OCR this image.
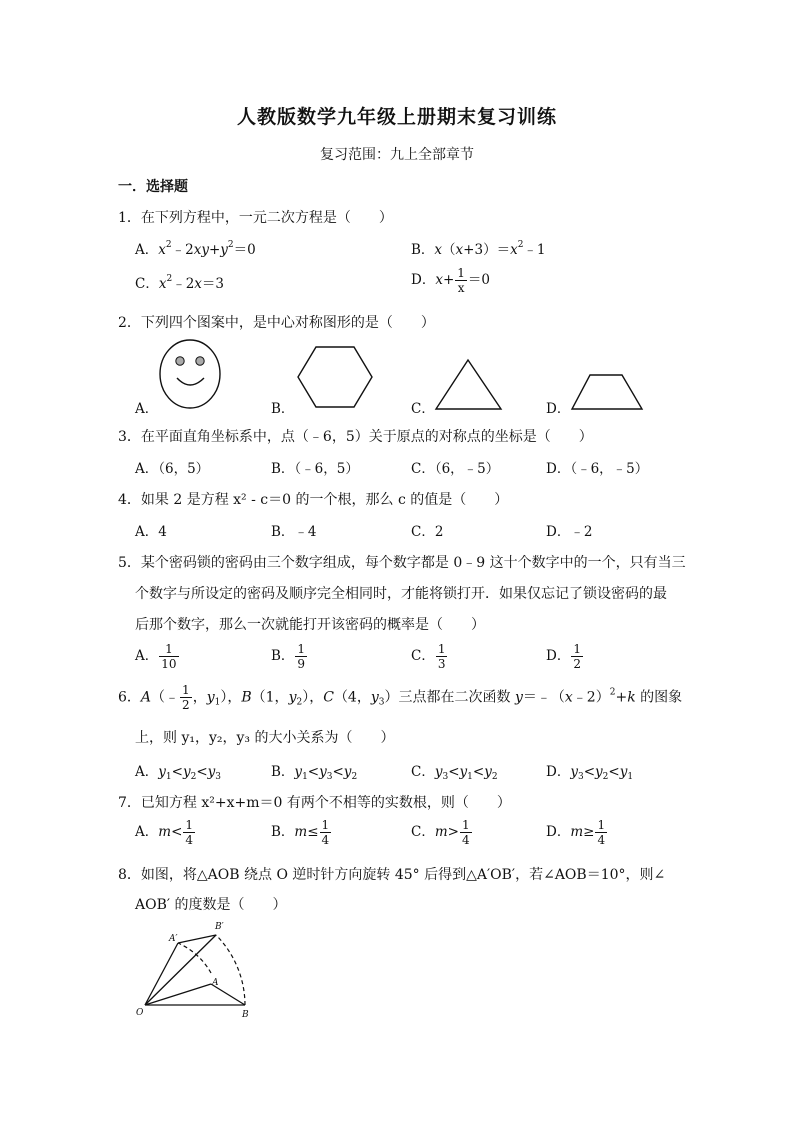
人教版数学九年级上册期末复习训练
复习范围：九上全部章节
一．选择题
1．在下列方程中，一元二次方程是（　　）
A．$x^2﹣2xy+y^2=0$	B．$x(x+3)=x^2﹣1$
C．$x^2﹣2x=3$	D．$x+ \frac{1}{x} =0$
2．下列四个图案中，是中心对称图形的是（　　）
A．	B．	C．	D．
3．在平面直角坐标系中，点（﹣6，5）关于原点的对称点的坐标是（　　）
A．（6，5）	B．（﹣6，5）	C．（6，﹣5）	D．（﹣6，﹣5）
4．如果 2 是方程 x² - c＝0 的一个根，那么 c 的值是（　　）
A．4	B．﹣4	C．2	D．﹣2
5．某个密码锁的密码由三个数字组成，每个数字都是 0﹣9 这十个数字中的一个，只有当三
个数字与所设定的密码及顺序完全相同时，才能将锁打开．如果仅忘记了锁设密码的最
后那个数字，那么一次就能打开该密码的概率是（　　）
A． $\frac{1}{10}$	B． $\frac{1}{9}$	C． $\frac{1}{3}$	D． $\frac{1}{2}$
6．A（﹣ $\frac{1}{2}$ ，$y_1$），B（1，$y_2$），C（4，$y_3$）三点都在二次函数 y＝﹣（x﹣2）$^2$+k 的图象
上，则 y₁，y₂，y₃ 的大小关系为（　　）
A．$y_1<y_2<y_3$	B．$y_1<y_3<y_2$	C．$y_3<y_1<y_2$	D．$y_3<y_2<y_1$
7．已知方程 x²+x+m＝0 有两个不相等的实数根，则（　　）
A．$m< \frac{1}{4}$	B．$m\le \frac{1}{4}$	C．$m> \frac{1}{4}$	D．$m\ge \frac{1}{4}$
8．如图，将△AOB 绕点 O 逆时针方向旋转 45° 后得到△A′OB′，若∠AOB＝10°，则∠
AOB′ 的度数是（　　）
O
A
B
A′
B′
